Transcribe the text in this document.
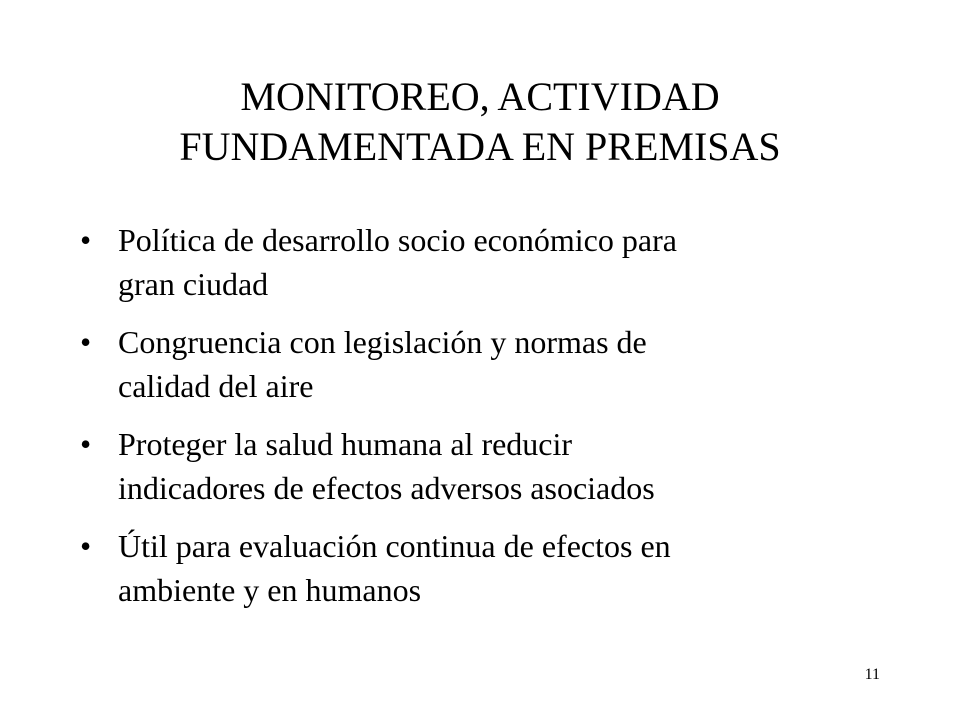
MONITOREO, ACTIVIDAD
FUNDAMENTADA EN PREMISAS
• Política de desarrollo socio económico para
gran ciudad
• Congruencia con legislación y normas de
calidad del aire
• Proteger la salud humana al reducir
indicadores de efectos adversos asociados
• Útil para evaluación continua de efectos en
ambiente y en humanos
11
